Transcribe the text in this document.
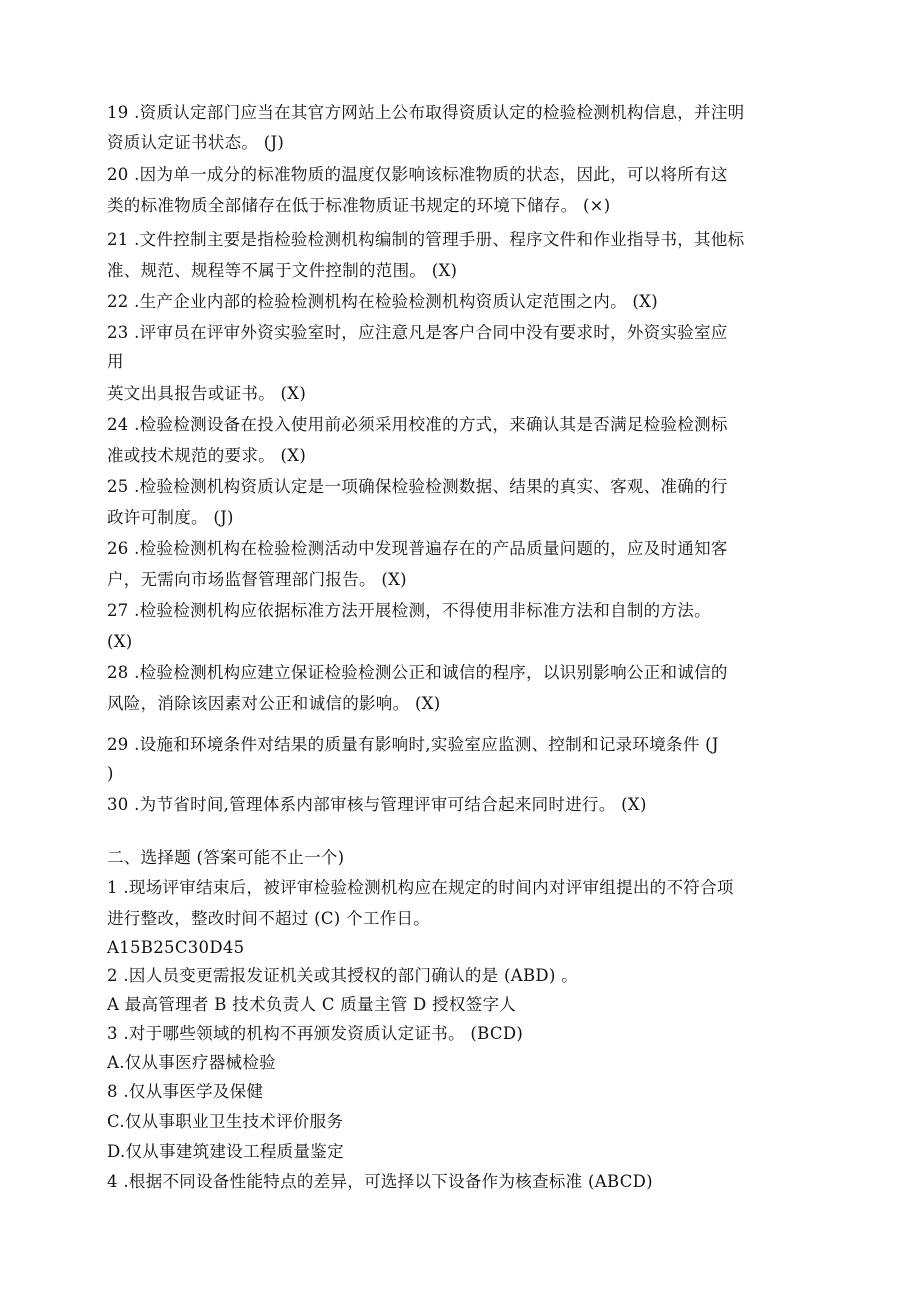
19 .资质认定部门应当在其官方网站上公布取得资质认定的检验检测机构信息，并注明
资质认定证书状态。 (J)
20 .因为单一成分的标准物质的温度仅影响该标准物质的状态，因此，可以将所有这
类的标准物质全部储存在低于标准物质证书规定的环境下储存。 (×)
21 .文件控制主要是指检验检测机构编制的管理手册、程序文件和作业指导书，其他标
准、规范、规程等不属于文件控制的范围。 (X)
22 .生产企业内部的检验检测机构在检验检测机构资质认定范围之内。 (X)
23 .评审员在评审外资实验室时，应注意凡是客户合同中没有要求时，外资实验室应
用
英文出具报告或证书。 (X)
24 .检验检测设备在投入使用前必须采用校准的方式，来确认其是否满足检验检测标
准或技术规范的要求。 (X)
25 .检验检测机构资质认定是一项确保检验检测数据、结果的真实、客观、准确的行
政许可制度。 (J)
26 .检验检测机构在检验检测活动中发现普遍存在的产品质量问题的，应及时通知客
户，无需向市场监督管理部门报告。 (X)
27 .检验检测机构应依据标准方法开展检测，不得使用非标准方法和自制的方法。
(X)
28 .检验检测机构应建立保证检验检测公正和诚信的程序，以识别影响公正和诚信的
风险，消除该因素对公正和诚信的影响。 (X)
29 .设施和环境条件对结果的质量有影响时,实验室应监测、控制和记录环境条件 (J
)
30 .为节省时间,管理体系内部审核与管理评审可结合起来同时进行。 (X)
二、选择题 (答案可能不止一个)
1 .现场评审结束后，被评审检验检测机构应在规定的时间内对评审组提出的不符合项
进行整改，整改时间不超过 (C) 个工作日。
A15B25C30D45
2 .因人员变更需报发证机关或其授权的部门确认的是 (ABD) 。
A 最高管理者 B 技术负责人 C 质量主管 D 授权签字人
3 .对于哪些领域的机构不再颁发资质认定证书。 (BCD)
A.仅从事医疗器械检验
8 .仅从事医学及保健
C.仅从事职业卫生技术评价服务
D.仅从事建筑建设工程质量鉴定
4 .根据不同设备性能特点的差异，可选择以下设备作为核查标准 (ABCD)
